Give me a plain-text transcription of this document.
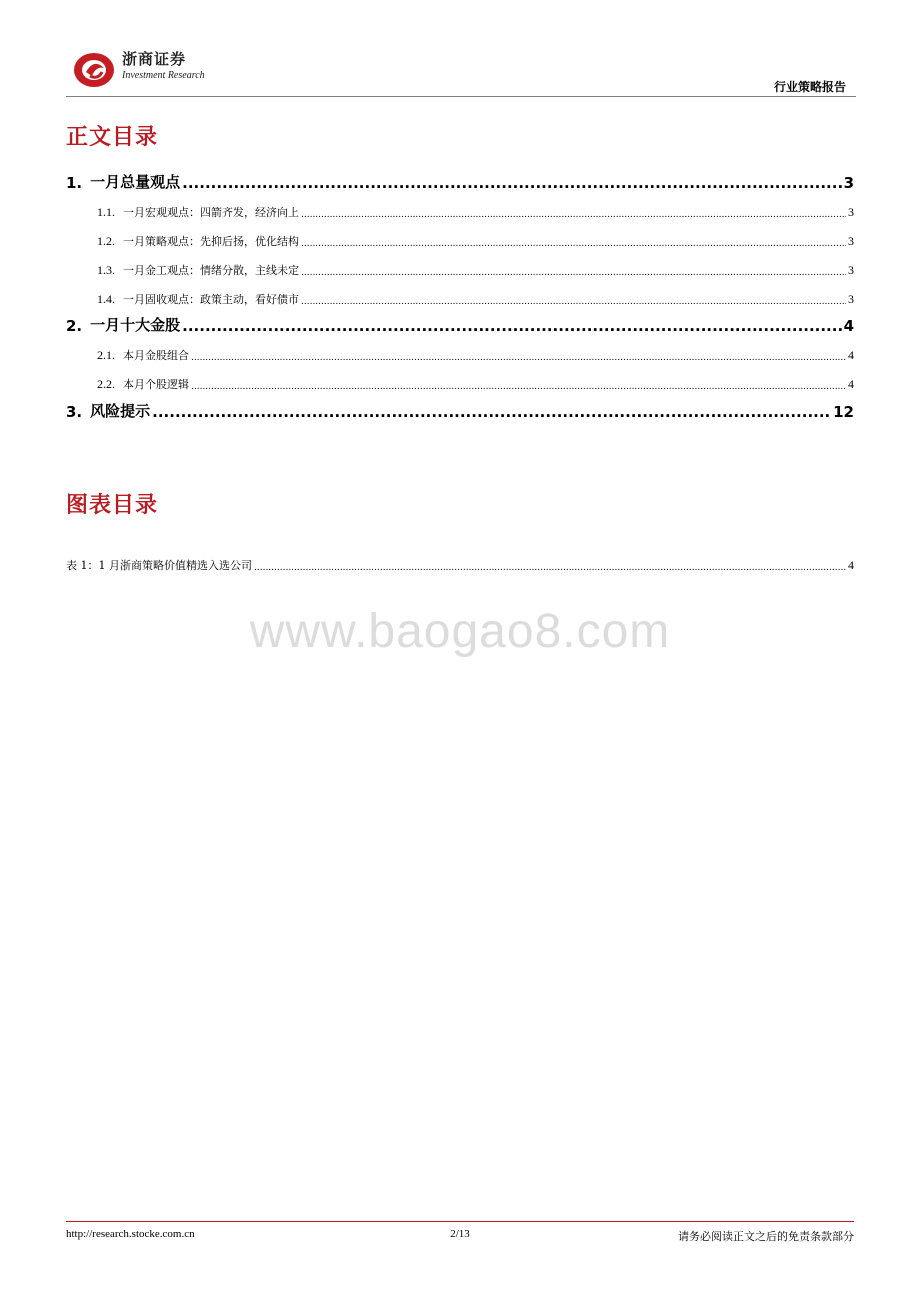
浙商证券
Investment Research
行业策略报告
正文目录
1. 一月总量观点 .....	3
1.1. 一月宏观观点：四箭齐发，经济向上 .....	3
1.2. 一月策略观点：先抑后扬，优化结构 .....	3
1.3. 一月金工观点：情绪分散，主线未定 .....	3
1.4. 一月固收观点：政策主动，看好债市 .....	3
2. 一月十大金股 .....	4
2.1. 本月金股组合 .....	4
2.2. 本月个股逻辑 .....	4
3. 风险提示 .....	12
图表目录
表 1：1 月浙商策略价值精选入选公司 .....	4
www.baogao8.com
http://research.stocke.com.cn	2/13	请务必阅读正文之后的免责条款部分
